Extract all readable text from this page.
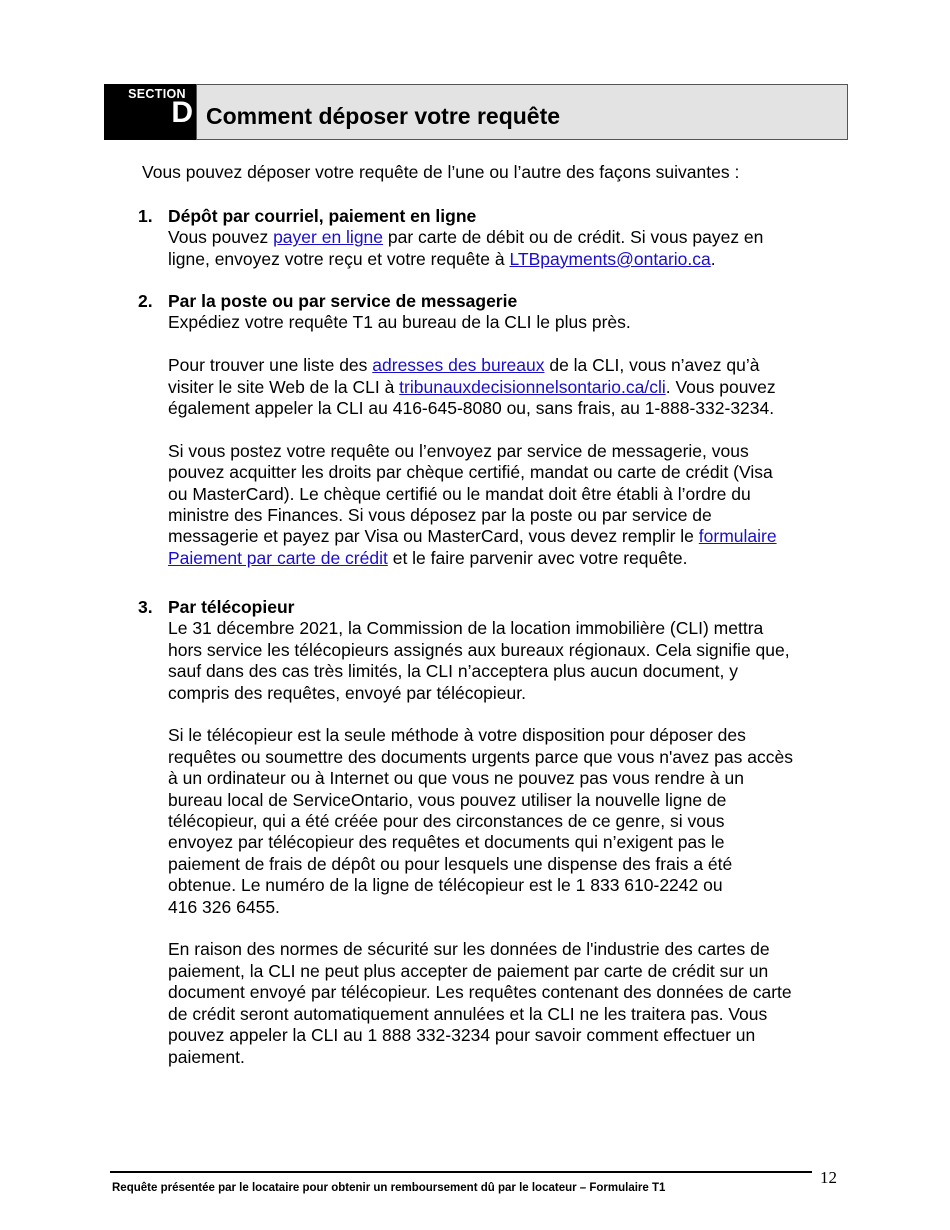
SECTION
D Comment déposer votre requête
Vous pouvez déposer votre requête de l’une ou l’autre des façons suivantes :
1. Dépôt par courriel, paiement en ligne

Vous pouvez payer en ligne par carte de débit ou de crédit. Si vous payez en
ligne, envoyez votre reçu et votre requête à LTBpayments@ontario.ca.

2. Par la poste ou par service de messagerie

Expédiez votre requête T1 au bureau de la CLI le plus près.

Pour trouver une liste des adresses des bureaux de la CLI, vous n’avez qu’à
visiter le site Web de la CLI à tribunauxdecisionnelsontario.ca/cli. Vous pouvez
également appeler la CLI au 416-645-8080 ou, sans frais, au 1-888-332-3234.

Si vous postez votre requête ou l’envoyez par service de messagerie, vous
pouvez acquitter les droits par chèque certifié, mandat ou carte de crédit (Visa
ou MasterCard). Le chèque certifié ou le mandat doit être établi à l’ordre du
ministre des Finances. Si vous déposez par la poste ou par service de
messagerie et payez par Visa ou MasterCard, vous devez remplir le formulaire
Paiement par carte de crédit et le faire parvenir avec votre requête.

3. Par télécopieur

Le 31 décembre 2021, la Commission de la location immobilière (CLI) mettra
hors service les télécopieurs assignés aux bureaux régionaux. Cela signifie que,
sauf dans des cas très limités, la CLI n’acceptera plus aucun document, y
compris des requêtes, envoyé par télécopieur.

Si le télécopieur est la seule méthode à votre disposition pour déposer des
requêtes ou soumettre des documents urgents parce que vous n'avez pas accès
à un ordinateur ou à Internet ou que vous ne pouvez pas vous rendre à un
bureau local de ServiceOntario, vous pouvez utiliser la nouvelle ligne de
télécopieur, qui a été créée pour des circonstances de ce genre, si vous
envoyez par télécopieur des requêtes et documents qui n’exigent pas le
paiement de frais de dépôt ou pour lesquels une dispense des frais a été
obtenue. Le numéro de la ligne de télécopieur est le 1 833 610-2242 ou
416 326 6455.

En raison des normes de sécurité sur les données de l'industrie des cartes de
paiement, la CLI ne peut plus accepter de paiement par carte de crédit sur un
document envoyé par télécopieur. Les requêtes contenant des données de carte
de crédit seront automatiquement annulées et la CLI ne les traitera pas. Vous
pouvez appeler la CLI au 1 888 332-3234 pour savoir comment effectuer un
paiement.

Requête présentée par le locataire pour obtenir un remboursement dû par le locateur – Formulaire T1
12
